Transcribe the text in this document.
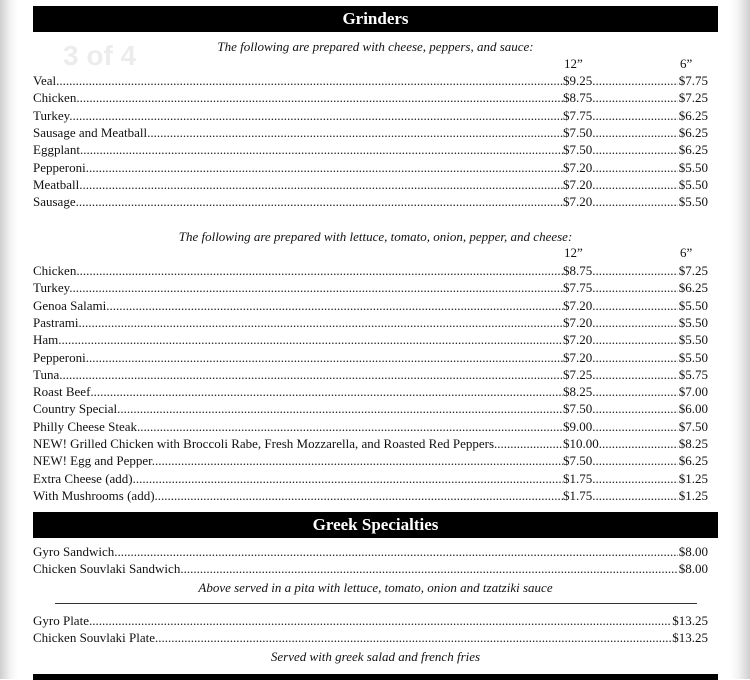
3 of 4
Grinders
The following are prepared with cheese, peppers, and sauce:
12”	6”
Veal .....	$9.25 .....	$7.75
Chicken .....	$8.75 .....	$7.25
Turkey .....	$7.75 .....	$6.25
Sausage and Meatball .....	$7.50 .....	$6.25
Eggplant .....	$7.50 .....	$6.25
Pepperoni .....	$7.20 .....	$5.50
Meatball .....	$7.20 .....	$5.50
Sausage .....	$7.20 .....	$5.50
The following are prepared with lettuce, tomato, onion, pepper, and cheese:
12”	6”
Chicken .....	$8.75 .....	$7.25
Turkey .....	$7.75 .....	$6.25
Genoa Salami .....	$7.20 .....	$5.50
Pastrami .....	$7.20 .....	$5.50
Ham .....	$7.20 .....	$5.50
Pepperoni .....	$7.20 .....	$5.50
Tuna .....	$7.25 .....	$5.75
Roast Beef .....	$8.25 .....	$7.00
Country Special .....	$7.50 .....	$6.00
Philly Cheese Steak .....	$9.00 .....	$7.50
NEW! Grilled Chicken with Broccoli Rabe, Fresh Mozzarella, and Roasted Red Peppers .....	$10.00 .....	$8.25
NEW! Egg and Pepper .....	$7.50 .....	$6.25
Extra Cheese (add) .....	$1.75 .....	$1.25
With Mushrooms (add) .....	$1.75 .....	$1.25
Greek Specialties
Gyro Sandwich .....	$8.00
Chicken Souvlaki Sandwich .....	$8.00
Above served in a pita with lettuce, tomato, onion and tzatziki sauce
Gyro Plate .....	$13.25
Chicken Souvlaki Plate .....	$13.25
Served with greek salad and french fries
